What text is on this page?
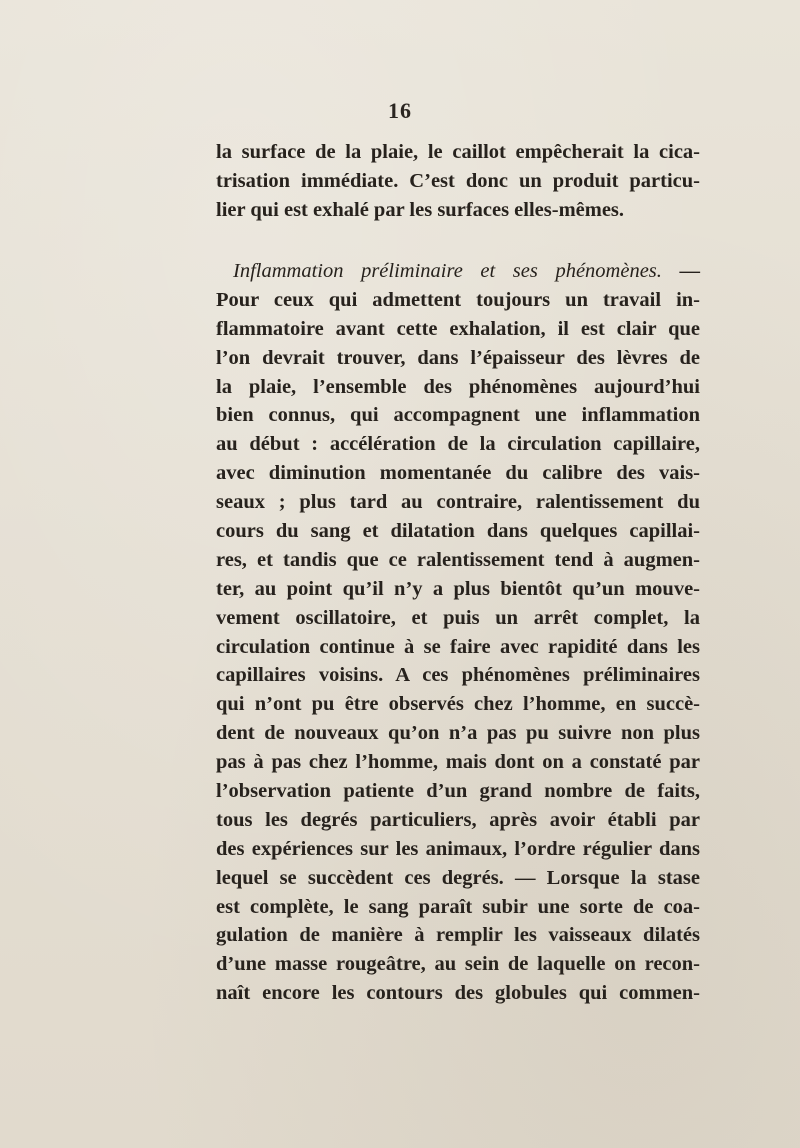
16
la surface de la plaie, le caillot empêcherait la cica-
trisation immédiate. C’est donc un produit particu-
lier qui est exhalé par les surfaces elles-mêmes.
Inflammation préliminaire et ses phénomènes. —
Pour ceux qui admettent toujours un travail in-
flammatoire avant cette exhalation, il est clair que
l’on devrait trouver, dans l’épaisseur des lèvres de
la plaie, l’ensemble des phénomènes aujourd’hui
bien connus, qui accompagnent une inflammation
au début : accélération de la circulation capillaire,
avec diminution momentanée du calibre des vais-
seaux ; plus tard au contraire, ralentissement du
cours du sang et dilatation dans quelques capillai-
res, et tandis que ce ralentissement tend à augmen-
ter, au point qu’il n’y a plus bientôt qu’un mouve-
vement oscillatoire, et puis un arrêt complet, la
circulation continue à se faire avec rapidité dans les
capillaires voisins. A ces phénomènes préliminaires
qui n’ont pu être observés chez l’homme, en succè-
dent de nouveaux qu’on n’a pas pu suivre non plus
pas à pas chez l’homme, mais dont on a constaté par
l’observation patiente d’un grand nombre de faits,
tous les degrés particuliers, après avoir établi par
des expériences sur les animaux, l’ordre régulier dans
lequel se succèdent ces degrés. — Lorsque la stase
est complète, le sang paraît subir une sorte de coa-
gulation de manière à remplir les vaisseaux dilatés
d’une masse rougeâtre, au sein de laquelle on recon-
naît encore les contours des globules qui commen-
